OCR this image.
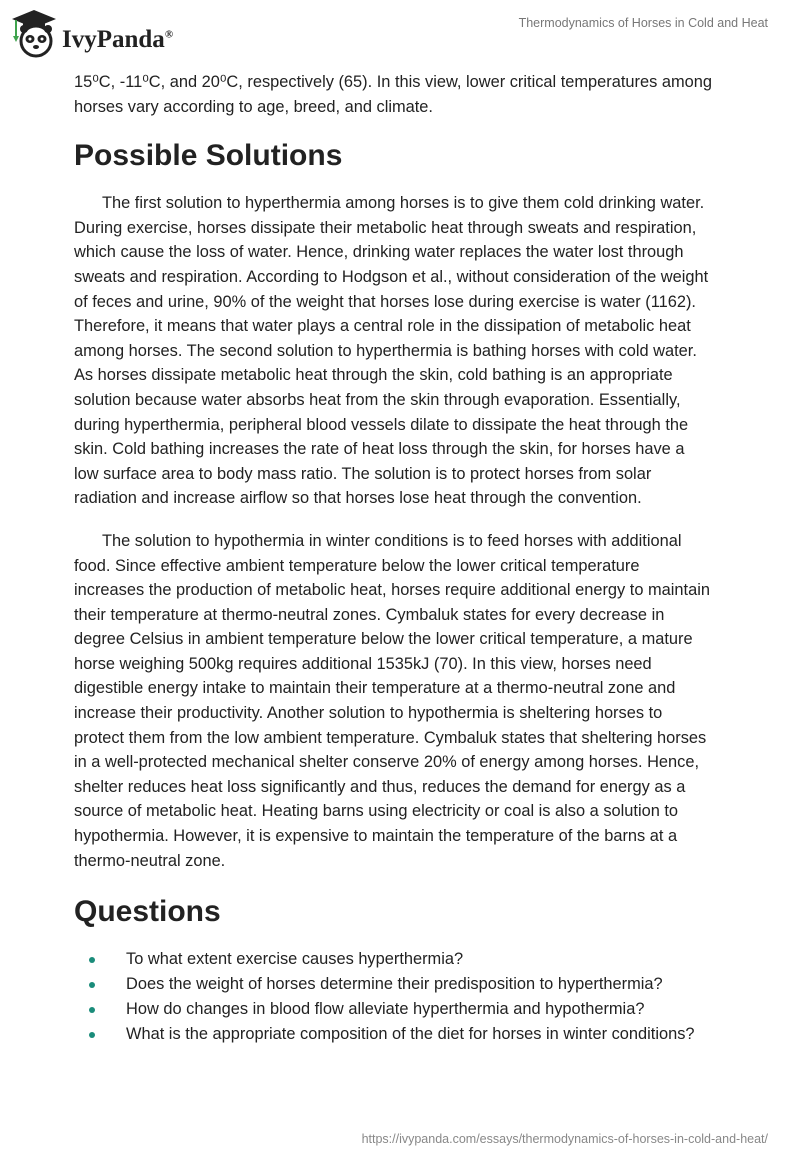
IvyPanda®
Thermodynamics of Horses in Cold and Heat

15⁰C, -11⁰C, and 20⁰C, respectively (65). In this view, lower critical temperatures among
horses vary according to age, breed, and climate.

Possible Solutions

The first solution to hyperthermia among horses is to give them cold drinking water.
During exercise, horses dissipate their metabolic heat through sweats and respiration,
which cause the loss of water. Hence, drinking water replaces the water lost through
sweats and respiration. According to Hodgson et al., without consideration of the weight
of feces and urine, 90% of the weight that horses lose during exercise is water (1162).
Therefore, it means that water plays a central role in the dissipation of metabolic heat
among horses. The second solution to hyperthermia is bathing horses with cold water.
As horses dissipate metabolic heat through the skin, cold bathing is an appropriate
solution because water absorbs heat from the skin through evaporation. Essentially,
during hyperthermia, peripheral blood vessels dilate to dissipate the heat through the
skin. Cold bathing increases the rate of heat loss through the skin, for horses have a
low surface area to body mass ratio. The solution is to protect horses from solar
radiation and increase airflow so that horses lose heat through the convention.

The solution to hypothermia in winter conditions is to feed horses with additional
food. Since effective ambient temperature below the lower critical temperature
increases the production of metabolic heat, horses require additional energy to maintain
their temperature at thermo-neutral zones. Cymbaluk states for every decrease in
degree Celsius in ambient temperature below the lower critical temperature, a mature
horse weighing 500kg requires additional 1535kJ (70). In this view, horses need
digestible energy intake to maintain their temperature at a thermo-neutral zone and
increase their productivity. Another solution to hypothermia is sheltering horses to
protect them from the low ambient temperature. Cymbaluk states that sheltering horses
in a well-protected mechanical shelter conserve 20% of energy among horses. Hence,
shelter reduces heat loss significantly and thus, reduces the demand for energy as a
source of metabolic heat. Heating barns using electricity or coal is also a solution to
hypothermia. However, it is expensive to maintain the temperature of the barns at a
thermo-neutral zone.

Questions
To what extent exercise causes hyperthermia?
Does the weight of horses determine their predisposition to hyperthermia?
How do changes in blood flow alleviate hyperthermia and hypothermia?
What is the appropriate composition of the diet for horses in winter conditions?
https://ivypanda.com/essays/thermodynamics-of-horses-in-cold-and-heat/
